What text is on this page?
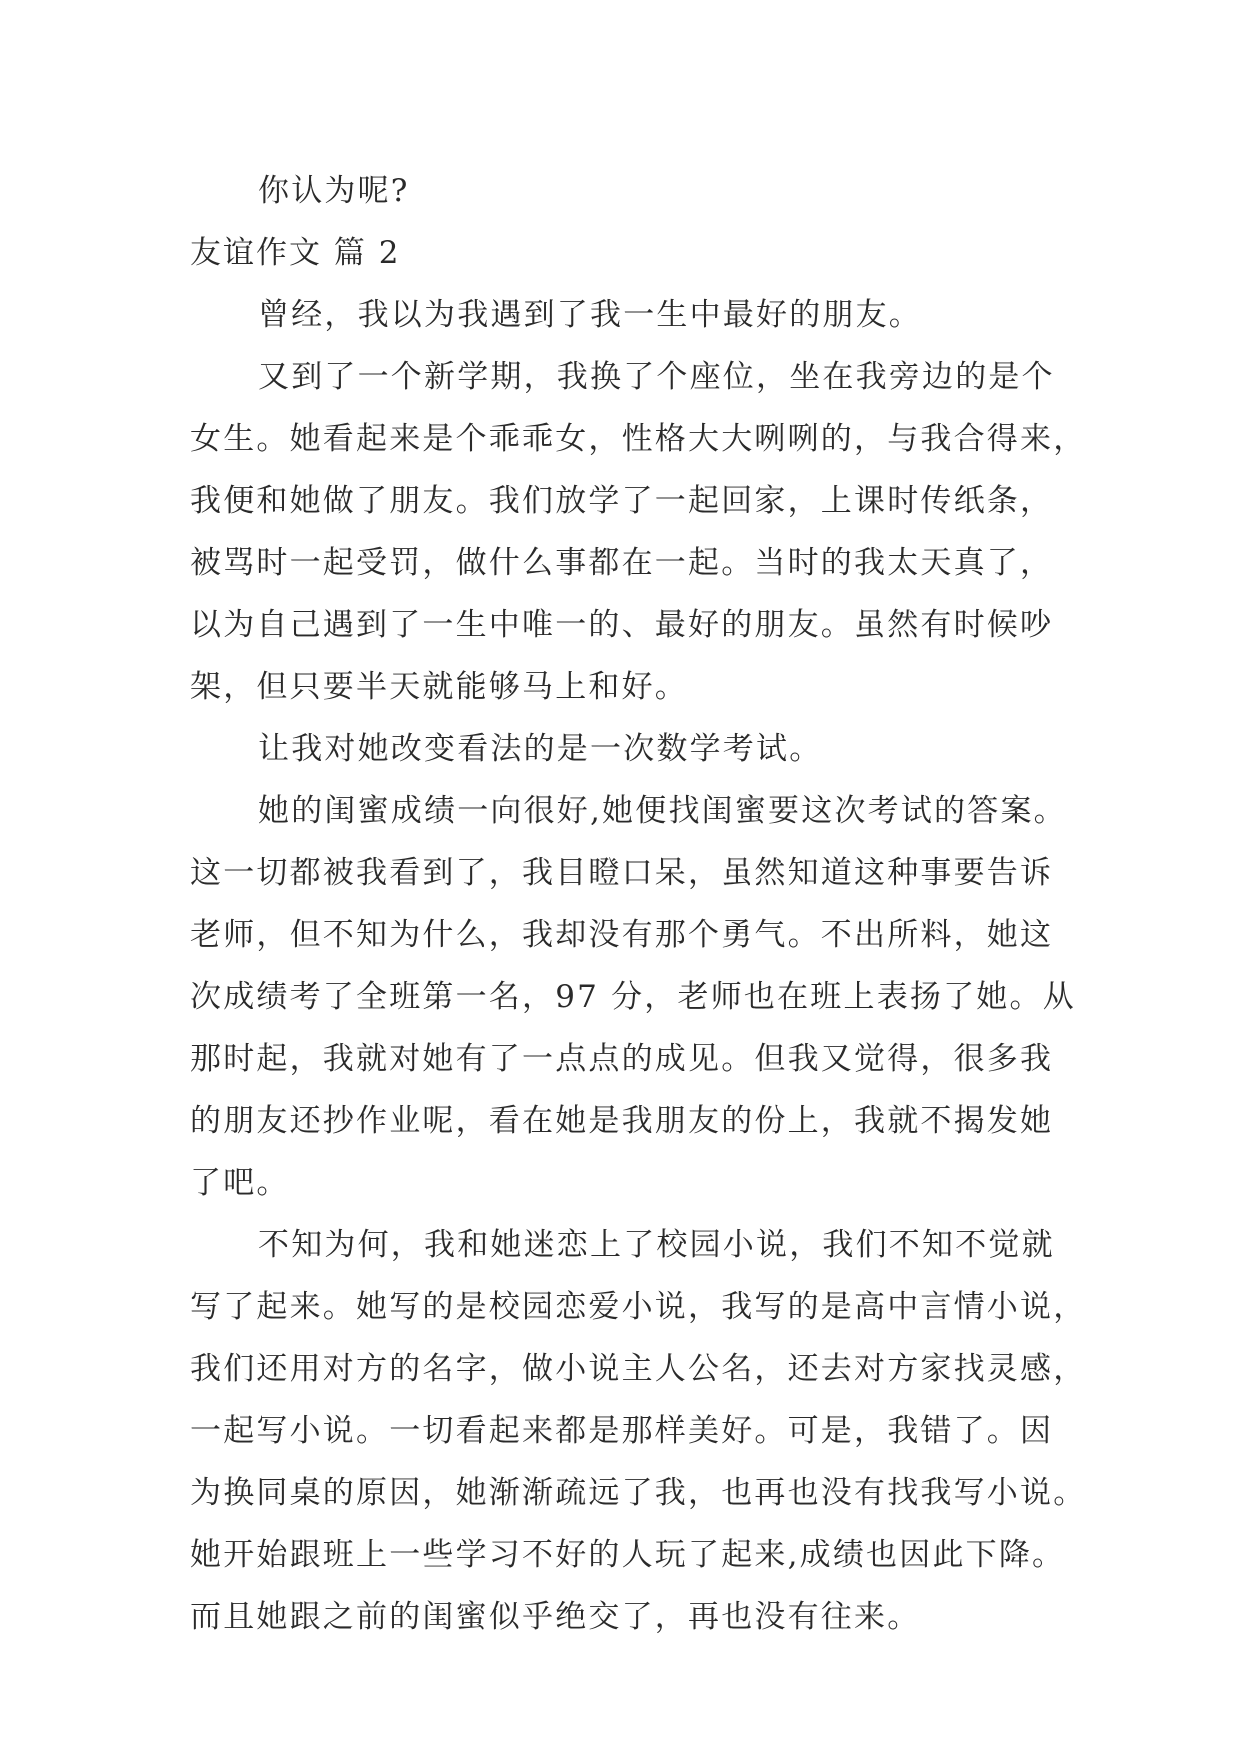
你认为呢?
友谊作文 篇 2
曾经，我以为我遇到了我一生中最好的朋友。
又到了一个新学期，我换了个座位，坐在我旁边的是个
女生。她看起来是个乖乖女，性格大大咧咧的，与我合得来，
我便和她做了朋友。我们放学了一起回家，上课时传纸条，
被骂时一起受罚，做什么事都在一起。当时的我太天真了，
以为自己遇到了一生中唯一的、最好的朋友。虽然有时候吵
架，但只要半天就能够马上和好。
让我对她改变看法的是一次数学考试。
她的闺蜜成绩一向很好,她便找闺蜜要这次考试的答案。
这一切都被我看到了，我目瞪口呆，虽然知道这种事要告诉
老师，但不知为什么，我却没有那个勇气。不出所料，她这
次成绩考了全班第一名，97 分，老师也在班上表扬了她。从
那时起，我就对她有了一点点的成见。但我又觉得，很多我
的朋友还抄作业呢，看在她是我朋友的份上，我就不揭发她
了吧。
不知为何，我和她迷恋上了校园小说，我们不知不觉就
写了起来。她写的是校园恋爱小说，我写的是高中言情小说，
我们还用对方的名字，做小说主人公名，还去对方家找灵感，
一起写小说。一切看起来都是那样美好。可是，我错了。因
为换同桌的原因，她渐渐疏远了我，也再也没有找我写小说。
她开始跟班上一些学习不好的人玩了起来,成绩也因此下降。
而且她跟之前的闺蜜似乎绝交了，再也没有往来。
